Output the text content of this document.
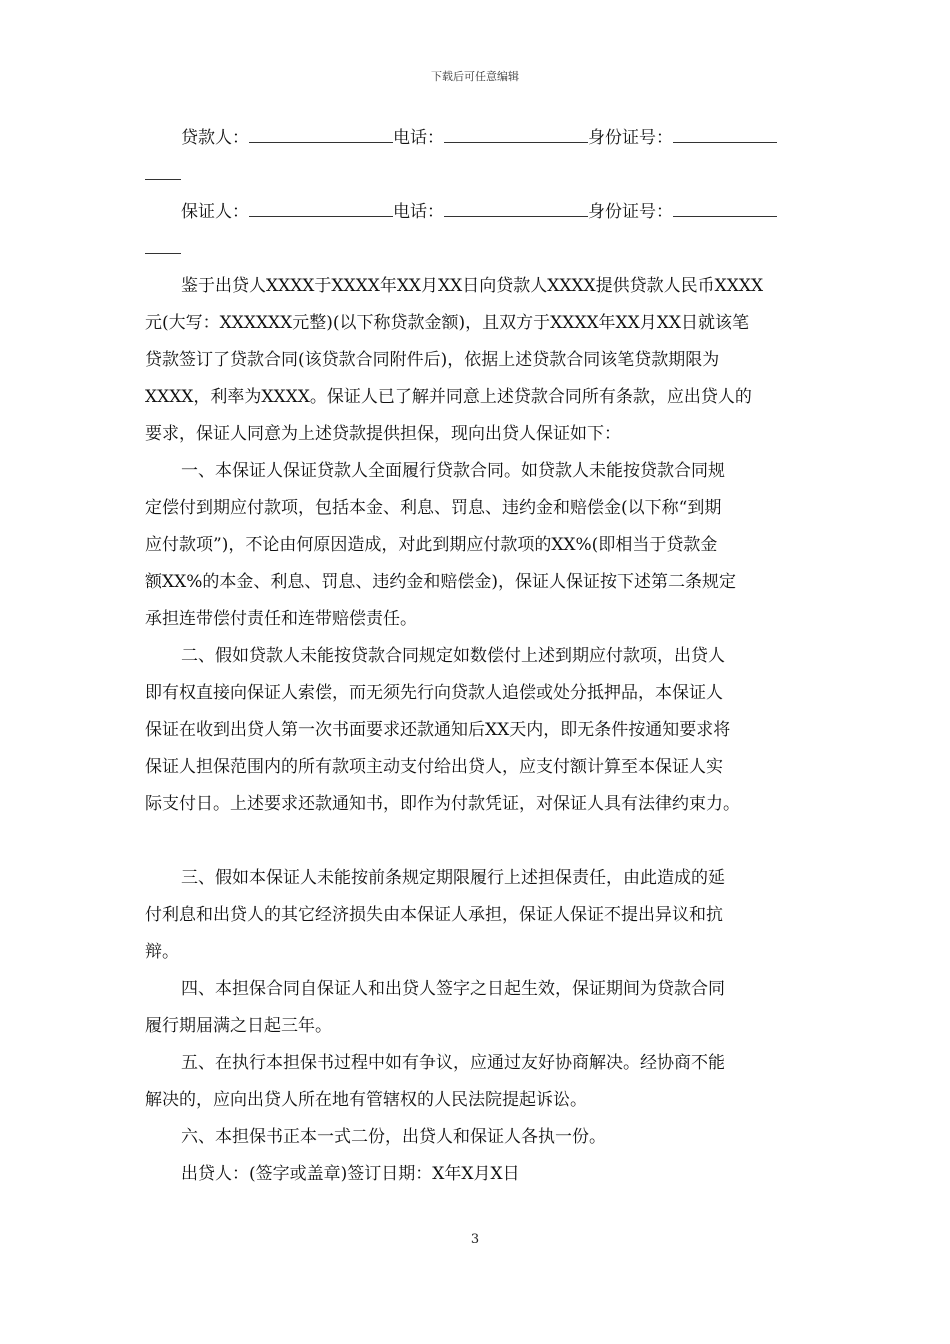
下载后可任意编辑
贷款人：	电话：	身份证号：
保证人：	电话：	身份证号：
鉴于出贷人XXXX于XXXX年XX月XX日向贷款人XXXX提供贷款人民币XXXX
元(大写：XXXXXX元整)(以下称贷款金额)，且双方于XXXX年XX月XX日就该笔
贷款签订了贷款合同(该贷款合同附件后)，依据上述贷款合同该笔贷款期限为
XXXX，利率为XXXX。保证人已了解并同意上述贷款合同所有条款，应出贷人的
要求，保证人同意为上述贷款提供担保，现向出贷人保证如下：
一、本保证人保证贷款人全面履行贷款合同。如贷款人未能按贷款合同规
定偿付到期应付款项，包括本金、利息、罚息、违约金和赔偿金(以下称“到期
应付款项”)，不论由何原因造成，对此到期应付款项的XX%(即相当于贷款金
额XX%的本金、利息、罚息、违约金和赔偿金)，保证人保证按下述第二条规定
承担连带偿付责任和连带赔偿责任。
二、假如贷款人未能按贷款合同规定如数偿付上述到期应付款项，出贷人
即有权直接向保证人索偿，而无须先行向贷款人追偿或处分抵押品，本保证人
保证在收到出贷人第一次书面要求还款通知后XX天内，即无条件按通知要求将
保证人担保范围内的所有款项主动支付给出贷人，应支付额计算至本保证人实
际支付日。上述要求还款通知书，即作为付款凭证，对保证人具有法律约束力。
三、假如本保证人未能按前条规定期限履行上述担保责任，由此造成的延
付利息和出贷人的其它经济损失由本保证人承担，保证人保证不提出异议和抗
辩。
四、本担保合同自保证人和出贷人签字之日起生效，保证期间为贷款合同
履行期届满之日起三年。
五、在执行本担保书过程中如有争议，应通过友好协商解决。经协商不能
解决的，应向出贷人所在地有管辖权的人民法院提起诉讼。
六、本担保书正本一式二份，出贷人和保证人各执一份。
出贷人：(签字或盖章)签订日期：X年X月X日
3
